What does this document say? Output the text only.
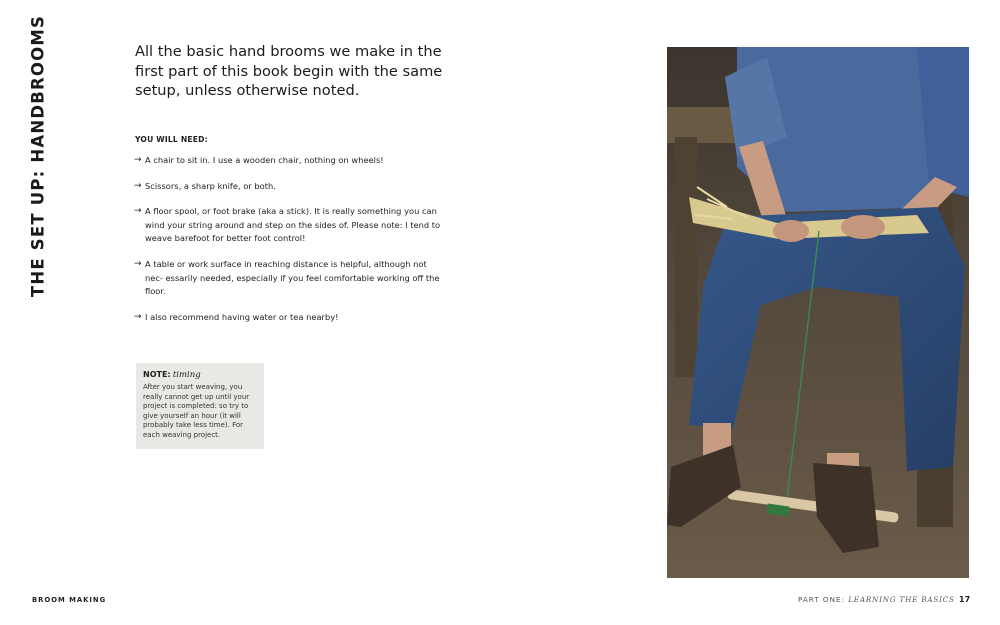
THE SET UP: HANDBROOMS	All the basic hand brooms we make in the first part of this book begin with the same setup, unless otherwise noted.
YOU WILL NEED:
→ A chair to sit in. I use a wooden chair, nothing on wheels!
→ Scissors, a sharp knife, or both.
→ A floor spool, or foot brake (aka a stick). It is really something you can wind your string around and step on the sides of. Please note: I tend to weave barefoot for better foot control!
→ A table or work surface in reaching distance is helpful, although not nec- essarily needed, especially if you feel comfortable working off the floor.
→ I also recommend having water or tea nearby!
NOTE: timing
After you start weaving, you really cannot get up until your project is completed: so try to give yourself an hour (it will probably take less time). For each weaving project.
BROOM MAKING	PART ONE: LEARNING THE BASICS 17
